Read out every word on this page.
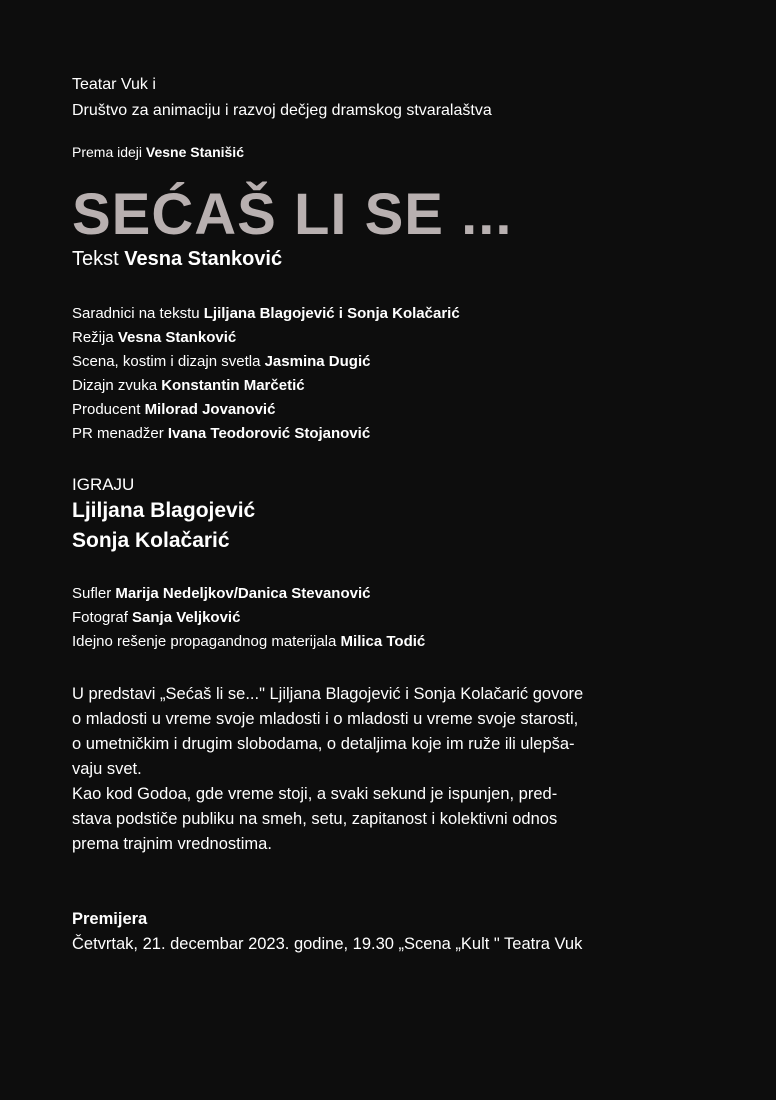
Teatar Vuk i
Društvo za animaciju i razvoj dečjeg dramskog stvaralaštva
Prema ideji Vesne Stanišić
SEĆAŠ LI SE ...
Tekst Vesna Stanković
Saradnici na tekstu Ljiljana Blagojević i Sonja Kolačarić
Režija Vesna Stanković
Scena, kostim i dizajn svetla Jasmina Dugić
Dizajn zvuka Konstantin Marčetić
Producent Milorad Jovanović
PR menadžer Ivana Teodorović Stojanović
IGRAJU
Ljiljana Blagojević
Sonja Kolačarić
Sufler Marija Nedeljkov/Danica Stevanović
Fotograf Sanja Veljković
Idejno rešenje propagandnog materijala Milica Todić
U predstavi „Sećaš li se..." Ljiljana Blagojević i Sonja Kolačarić govore
o mladosti u vreme svoje mladosti i o mladosti u vreme svoje starosti,
o umetničkim i drugim slobodama, o detaljima koje im ruže ili ulepša-
vaju svet.
Kao kod Godoa, gde vreme stoji, a svaki sekund je ispunjen, pred-
stava podstiče publiku na smeh, setu, zapitanost i kolektivni odnos
prema trajnim vrednostima.
Premijera
Četvrtak, 21. decembar 2023. godine, 19.30 „Scena „Kult " Teatra Vuk
